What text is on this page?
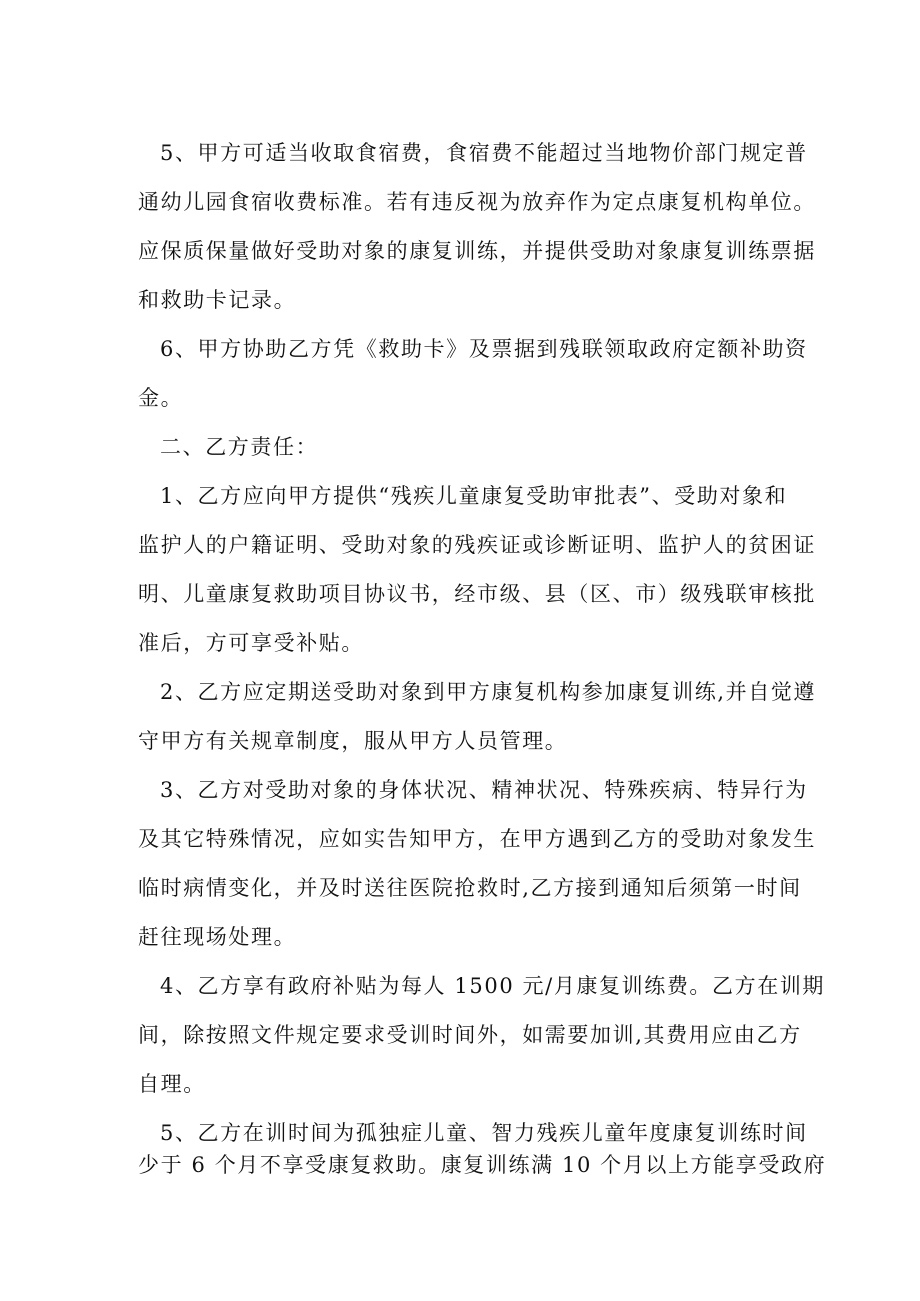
5、甲方可适当收取食宿费，食宿费不能超过当地物价部门规定普
通幼儿园食宿收费标准。若有违反视为放弃作为定点康复机构单位。
应保质保量做好受助对象的康复训练，并提供受助对象康复训练票据
和救助卡记录。
6、甲方协助乙方凭《救助卡》及票据到残联领取政府定额补助资
金。
二、乙方责任：
1、乙方应向甲方提供“残疾儿童康复受助审批表”、受助对象和
监护人的户籍证明、受助对象的残疾证或诊断证明、监护人的贫困证
明、儿童康复救助项目协议书，经市级、县（区、市）级残联审核批
准后，方可享受补贴。
2、乙方应定期送受助对象到甲方康复机构参加康复训练,并自觉遵
守甲方有关规章制度，服从甲方人员管理。
3、乙方对受助对象的身体状况、精神状况、特殊疾病、特异行为
及其它特殊情况，应如实告知甲方，在甲方遇到乙方的受助对象发生
临时病情变化，并及时送往医院抢救时,乙方接到通知后须第一时间
赶往现场处理。
4、乙方享有政府补贴为每人 1500 元/月康复训练费。乙方在训期
间，除按照文件规定要求受训时间外，如需要加训,其费用应由乙方
自理。
5、乙方在训时间为孤独症儿童、智力残疾儿童年度康复训练时间
少于 6 个月不享受康复救助。康复训练满 10 个月以上方能享受政府
